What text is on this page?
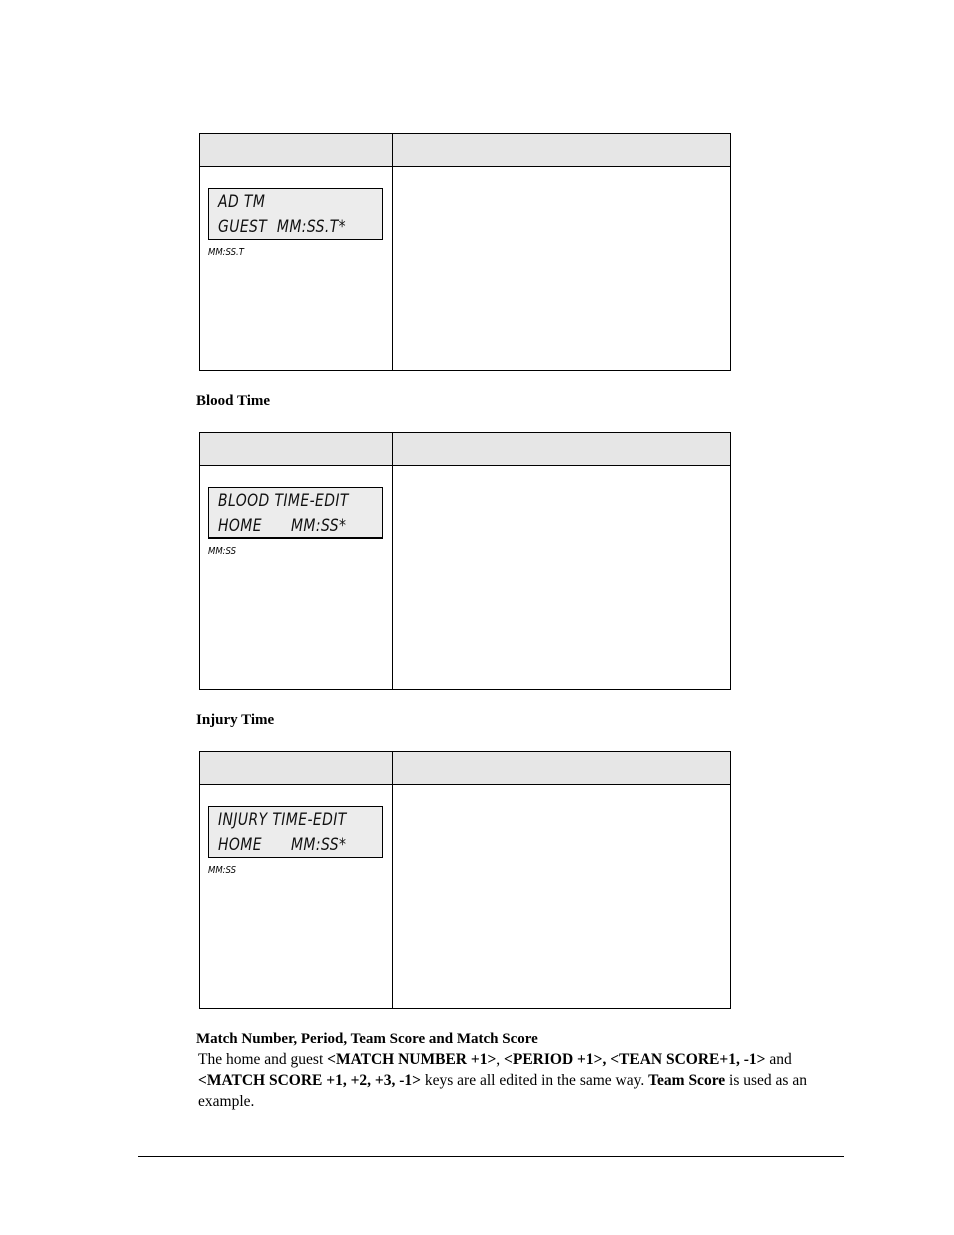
AD TM
GUEST  MM:SS.T*
MM:SS.T
Blood Time
BLOOD TIME-EDIT
HOME      MM:SS*
MM:SS
Injury Time
INJURY TIME-EDIT
HOME      MM:SS*
MM:SS
Match Number, Period, Team Score and Match Score
The home and guest <MATCH NUMBER +1>, <PERIOD +1>, <TEAN SCORE+1, -1> and <MATCH SCORE +1, +2, +3, -1> keys are all edited in the same way. Team Score is used as an example.
